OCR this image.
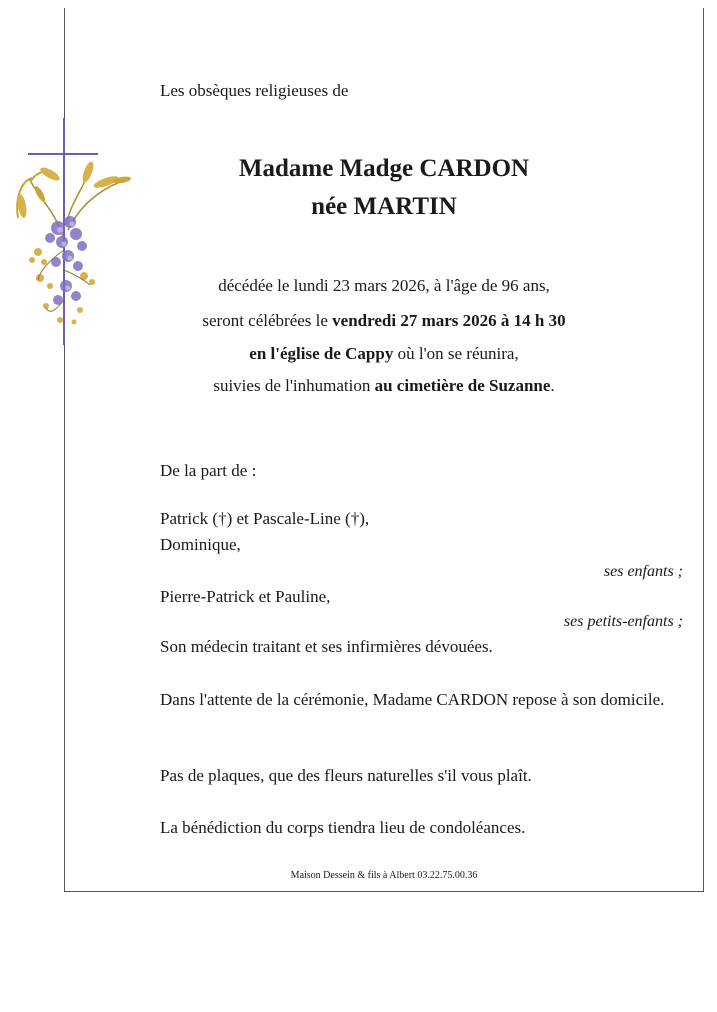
Les obsèques religieuses de
Madame Madge CARDON
née MARTIN
décédée le lundi 23 mars 2026, à l'âge de 96 ans,
seront célébrées le vendredi 27 mars 2026 à 14 h 30
en l'église de Cappy où l'on se réunira,
suivies de l'inhumation au cimetière de Suzanne.
De la part de :
Patrick (†) et Pascale-Line (†),
Dominique,
ses enfants ;
Pierre-Patrick et Pauline,
ses petits-enfants ;
Son médecin traitant et ses infirmières dévouées.
Dans l'attente de la cérémonie, Madame CARDON repose à son domicile.
Pas de plaques, que des fleurs naturelles s'il vous plaît.
La bénédiction du corps tiendra lieu de condoléances.
Maison Dessein & fils à Albert 03.22.75.00.36
